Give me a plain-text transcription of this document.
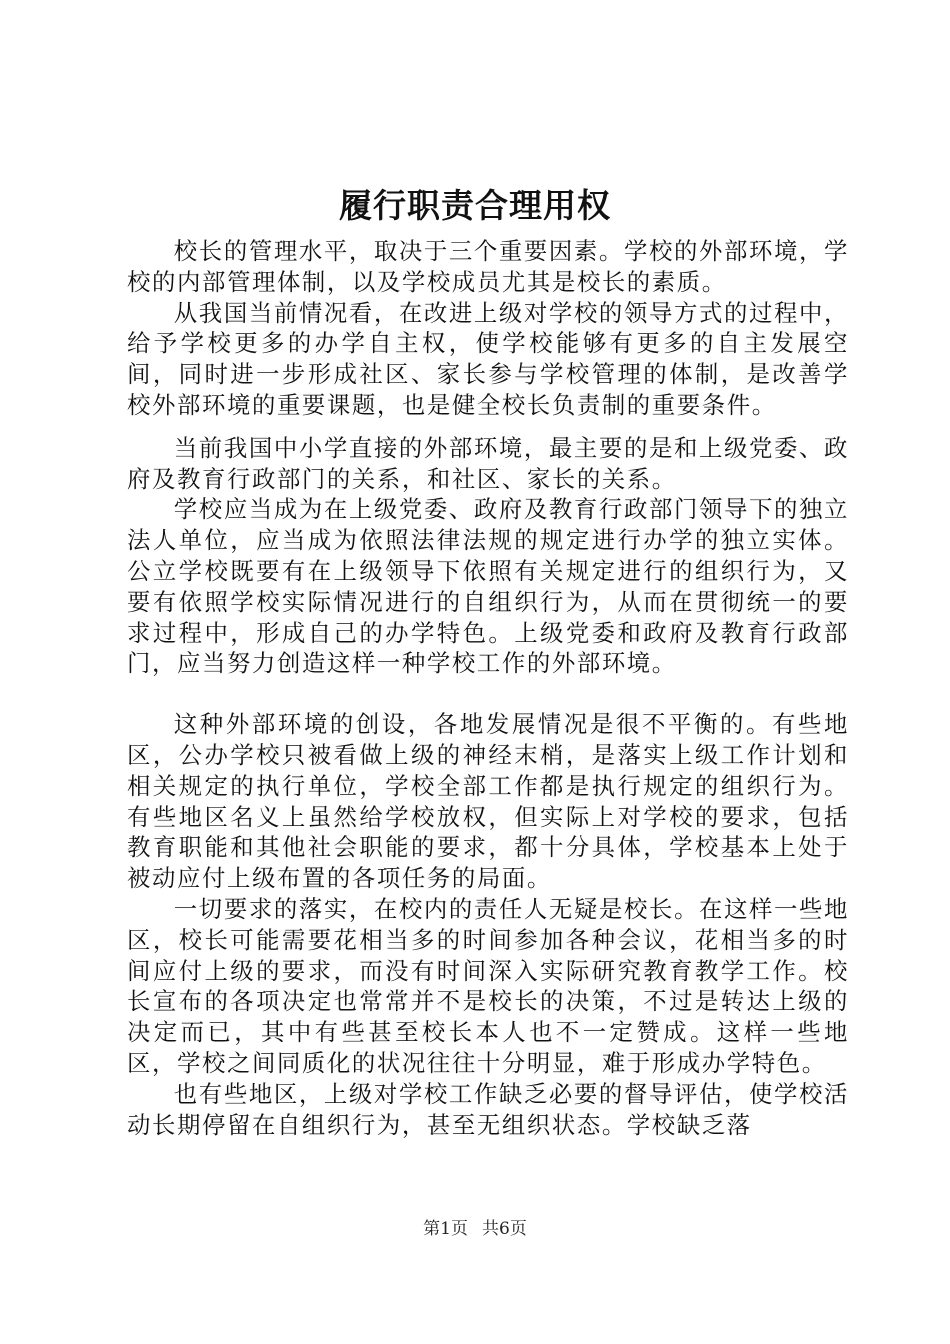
履行职责合理用权

校长的管理水平，取决于三个重要因素。学校的外部环境，学校的内部管理体制，以及学校成员尤其是校长的素质。

从我国当前情况看，在改进上级对学校的领导方式的过程中，给予学校更多的办学自主权，使学校能够有更多的自主发展空间，同时进一步形成社区、家长参与学校管理的体制，是改善学校外部环境的重要课题，也是健全校长负责制的重要条件。

当前我国中小学直接的外部环境，最主要的是和上级党委、政府及教育行政部门的关系，和社区、家长的关系。

学校应当成为在上级党委、政府及教育行政部门领导下的独立法人单位，应当成为依照法律法规的规定进行办学的独立实体。公立学校既要有在上级领导下依照有关规定进行的组织行为，又要有依照学校实际情况进行的自组织行为，从而在贯彻统一的要求过程中，形成自己的办学特色。上级党委和政府及教育行政部门，应当努力创造这样一种学校工作的外部环境。

这种外部环境的创设，各地发展情况是很不平衡的。有些地区，公办学校只被看做上级的神经末梢，是落实上级工作计划和相关规定的执行单位，学校全部工作都是执行规定的组织行为。有些地区名义上虽然给学校放权，但实际上对学校的要求，包括教育职能和其他社会职能的要求，都十分具体，学校基本上处于被动应付上级布置的各项任务的局面。

一切要求的落实，在校内的责任人无疑是校长。在这样一些地区，校长可能需要花相当多的时间参加各种会议，花相当多的时间应付上级的要求，而没有时间深入实际研究教育教学工作。校长宣布的各项决定也常常并不是校长的决策，不过是转达上级的决定而已，其中有些甚至校长本人也不一定赞成。这样一些地区，学校之间同质化的状况往往十分明显，难于形成办学特色。

也有些地区，上级对学校工作缺乏必要的督导评估，使学校活动长期停留在自组织行为，甚至无组织状态。学校缺乏落

第1页 共6页
